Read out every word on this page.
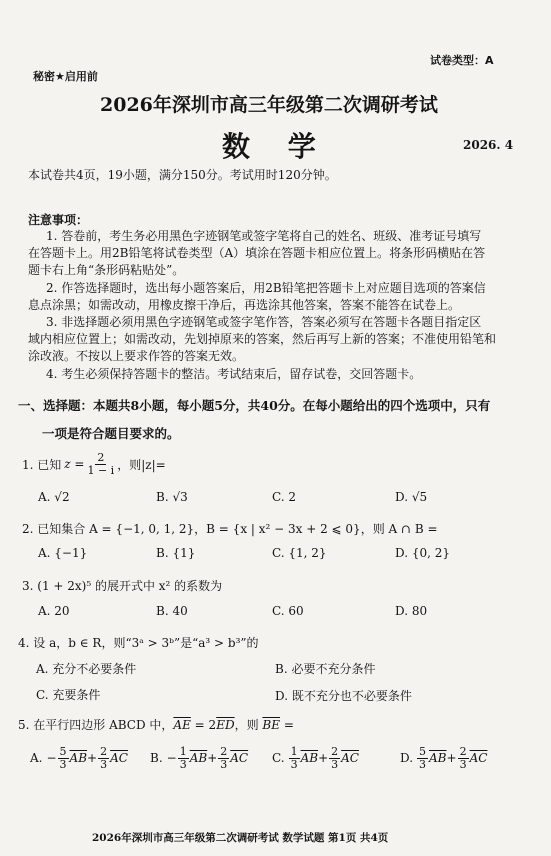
试卷类型：A
秘密★启用前
2026年深圳市高三年级第二次调研考试
数 学	2026. 4
本试卷共4页，19小题，满分150分。考试用时120分钟。
注意事项：
1. 答卷前，考生务必用黑色字迹钢笔或签字笔将自己的姓名、班级、准考证号填写
在答题卡上。用2B铅笔将试卷类型（A）填涂在答题卡相应位置上。将条形码横贴在答
题卡右上角“条形码粘贴处”。
2. 作答选择题时，选出每小题答案后，用2B铅笔把答题卡上对应题目选项的答案信
息点涂黑；如需改动，用橡皮擦干净后，再选涂其他答案，答案不能答在试卷上。
3. 非选择题必须用黑色字迹钢笔或签字笔作答，答案必须写在答题卡各题目指定区
域内相应位置上；如需改动，先划掉原来的答案，然后再写上新的答案；不准使用铅笔和
涂改液。不按以上要求作答的答案无效。
4. 考生必须保持答题卡的整洁。考试结束后，留存试卷，交回答题卡。
一、选择题：本题共8小题，每小题5分，共40分。在每小题给出的四个选项中，只有
一项是符合题目要求的。
1. 已知 $z = \frac{2}{1 - i}$ ，则|z|=
A. √2	B. √3	C. 2	D. √5
2. 已知集合 A = {−1, 0, 1, 2}，B = {x | x² − 3x + 2 ⩽ 0}，则 A ∩ B =
A. {−1}	B. {1}	C. {1, 2}	D. {0, 2}
3. (1 + 2x)⁵ 的展开式中 x² 的系数为
A. 20	B. 40	C. 60	D. 80
4. 设 a，b ∈ R，则“3ᵃ > 3ᵇ”是“a³ > b³”的
A. 充分不必要条件	B. 必要不充分条件
C. 充要条件	D. 既不充分也不必要条件
5. 在平行四边形 ABCD 中，$\overline{AE} = 2\overline{ED}$，则 $\overline{BE}$ =
A. − $\frac{5}{3} \overline{AB} + \frac{2}{3} \overline{AC}$ B. − $\frac{1}{3} \overline{AB} + \frac{2}{3} \overline{AC}$ C. $\frac{1}{3} \overline{AB} + \frac{2}{3} \overline{AC}$	D. $\frac{5}{3} \overline{AB} + \frac{2}{3} \overline{AC}$
2026年深圳市高三年级第二次调研考试 数学试题 第1页 共4页
